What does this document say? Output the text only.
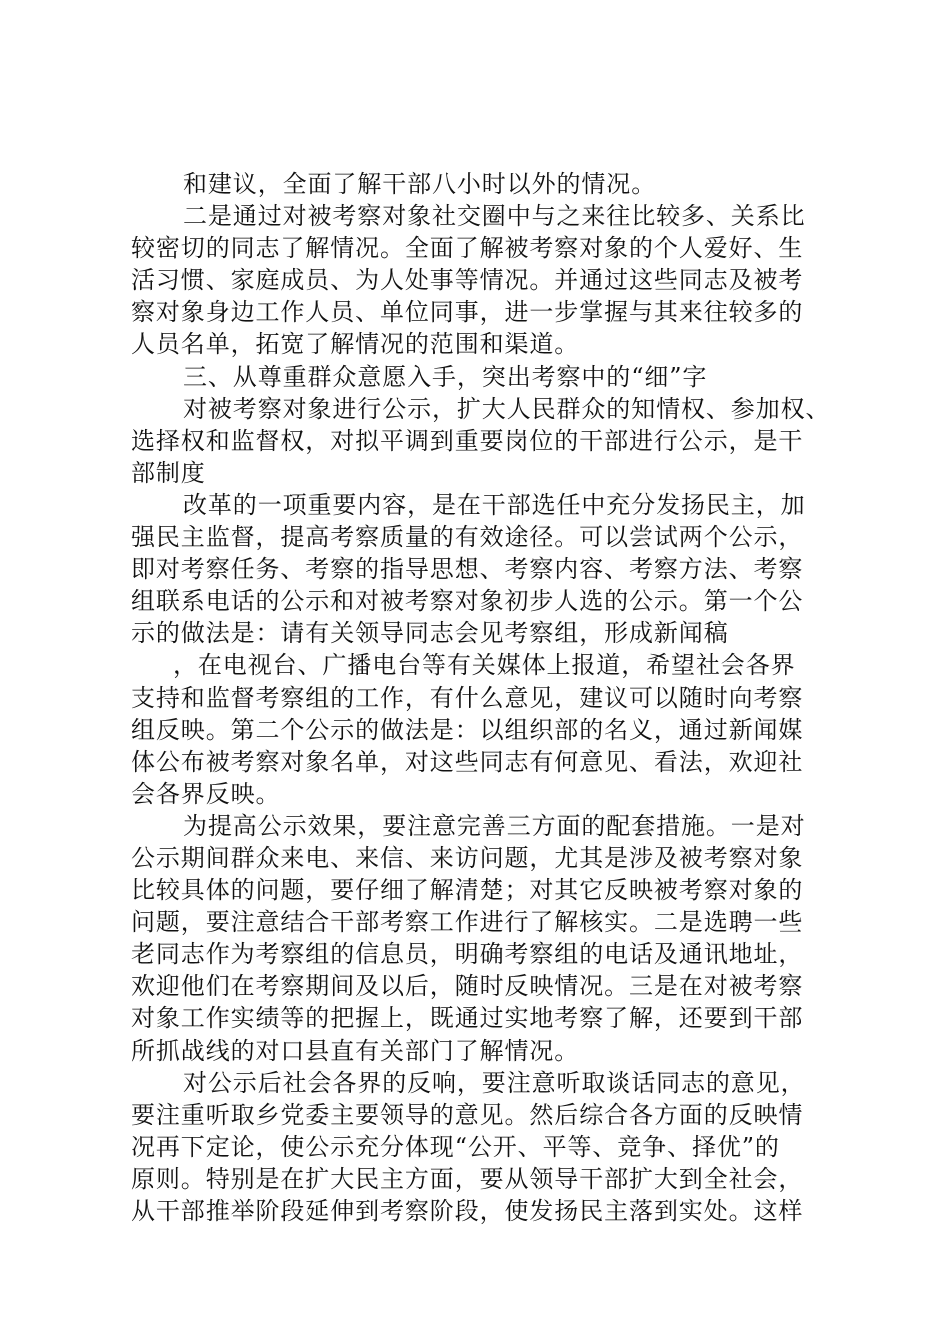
和建议，全面了解干部八小时以外的情况。
二是通过对被考察对象社交圈中与之来往比较多、关系比
较密切的同志了解情况。全面了解被考察对象的个人爱好、生
活习惯、家庭成员、为人处事等情况。并通过这些同志及被考
察对象身边工作人员、单位同事，进一步掌握与其来往较多的
人员名单，拓宽了解情况的范围和渠道。
三、从尊重群众意愿入手，突出考察中的“细”字
对被考察对象进行公示，扩大人民群众的知情权、参加权、
选择权和监督权，对拟平调到重要岗位的干部进行公示，是干
部制度
改革的一项重要内容，是在干部选任中充分发扬民主，加
强民主监督，提高考察质量的有效途径。可以尝试两个公示，
即对考察任务、考察的指导思想、考察内容、考察方法、考察
组联系电话的公示和对被考察对象初步人选的公示。第一个公
示的做法是：请有关领导同志会见考察组，形成新闻稿
，在电视台、广播电台等有关媒体上报道，希望社会各界
支持和监督考察组的工作，有什么意见，建议可以随时向考察
组反映。第二个公示的做法是：以组织部的名义，通过新闻媒
体公布被考察对象名单，对这些同志有何意见、看法，欢迎社
会各界反映。
为提高公示效果，要注意完善三方面的配套措施。一是对
公示期间群众来电、来信、来访问题，尤其是涉及被考察对象
比较具体的问题，要仔细了解清楚；对其它反映被考察对象的
问题，要注意结合干部考察工作进行了解核实。二是选聘一些
老同志作为考察组的信息员，明确考察组的电话及通讯地址，
欢迎他们在考察期间及以后，随时反映情况。三是在对被考察
对象工作实绩等的把握上，既通过实地考察了解，还要到干部
所抓战线的对口县直有关部门了解情况。
对公示后社会各界的反响，要注意听取谈话同志的意见，
要注重听取乡党委主要领导的意见。然后综合各方面的反映情
况再下定论，使公示充分体现“公开、平等、竞争、择优”的
原则。特别是在扩大民主方面，要从领导干部扩大到全社会，
从干部推举阶段延伸到考察阶段，使发扬民主落到实处。这样
